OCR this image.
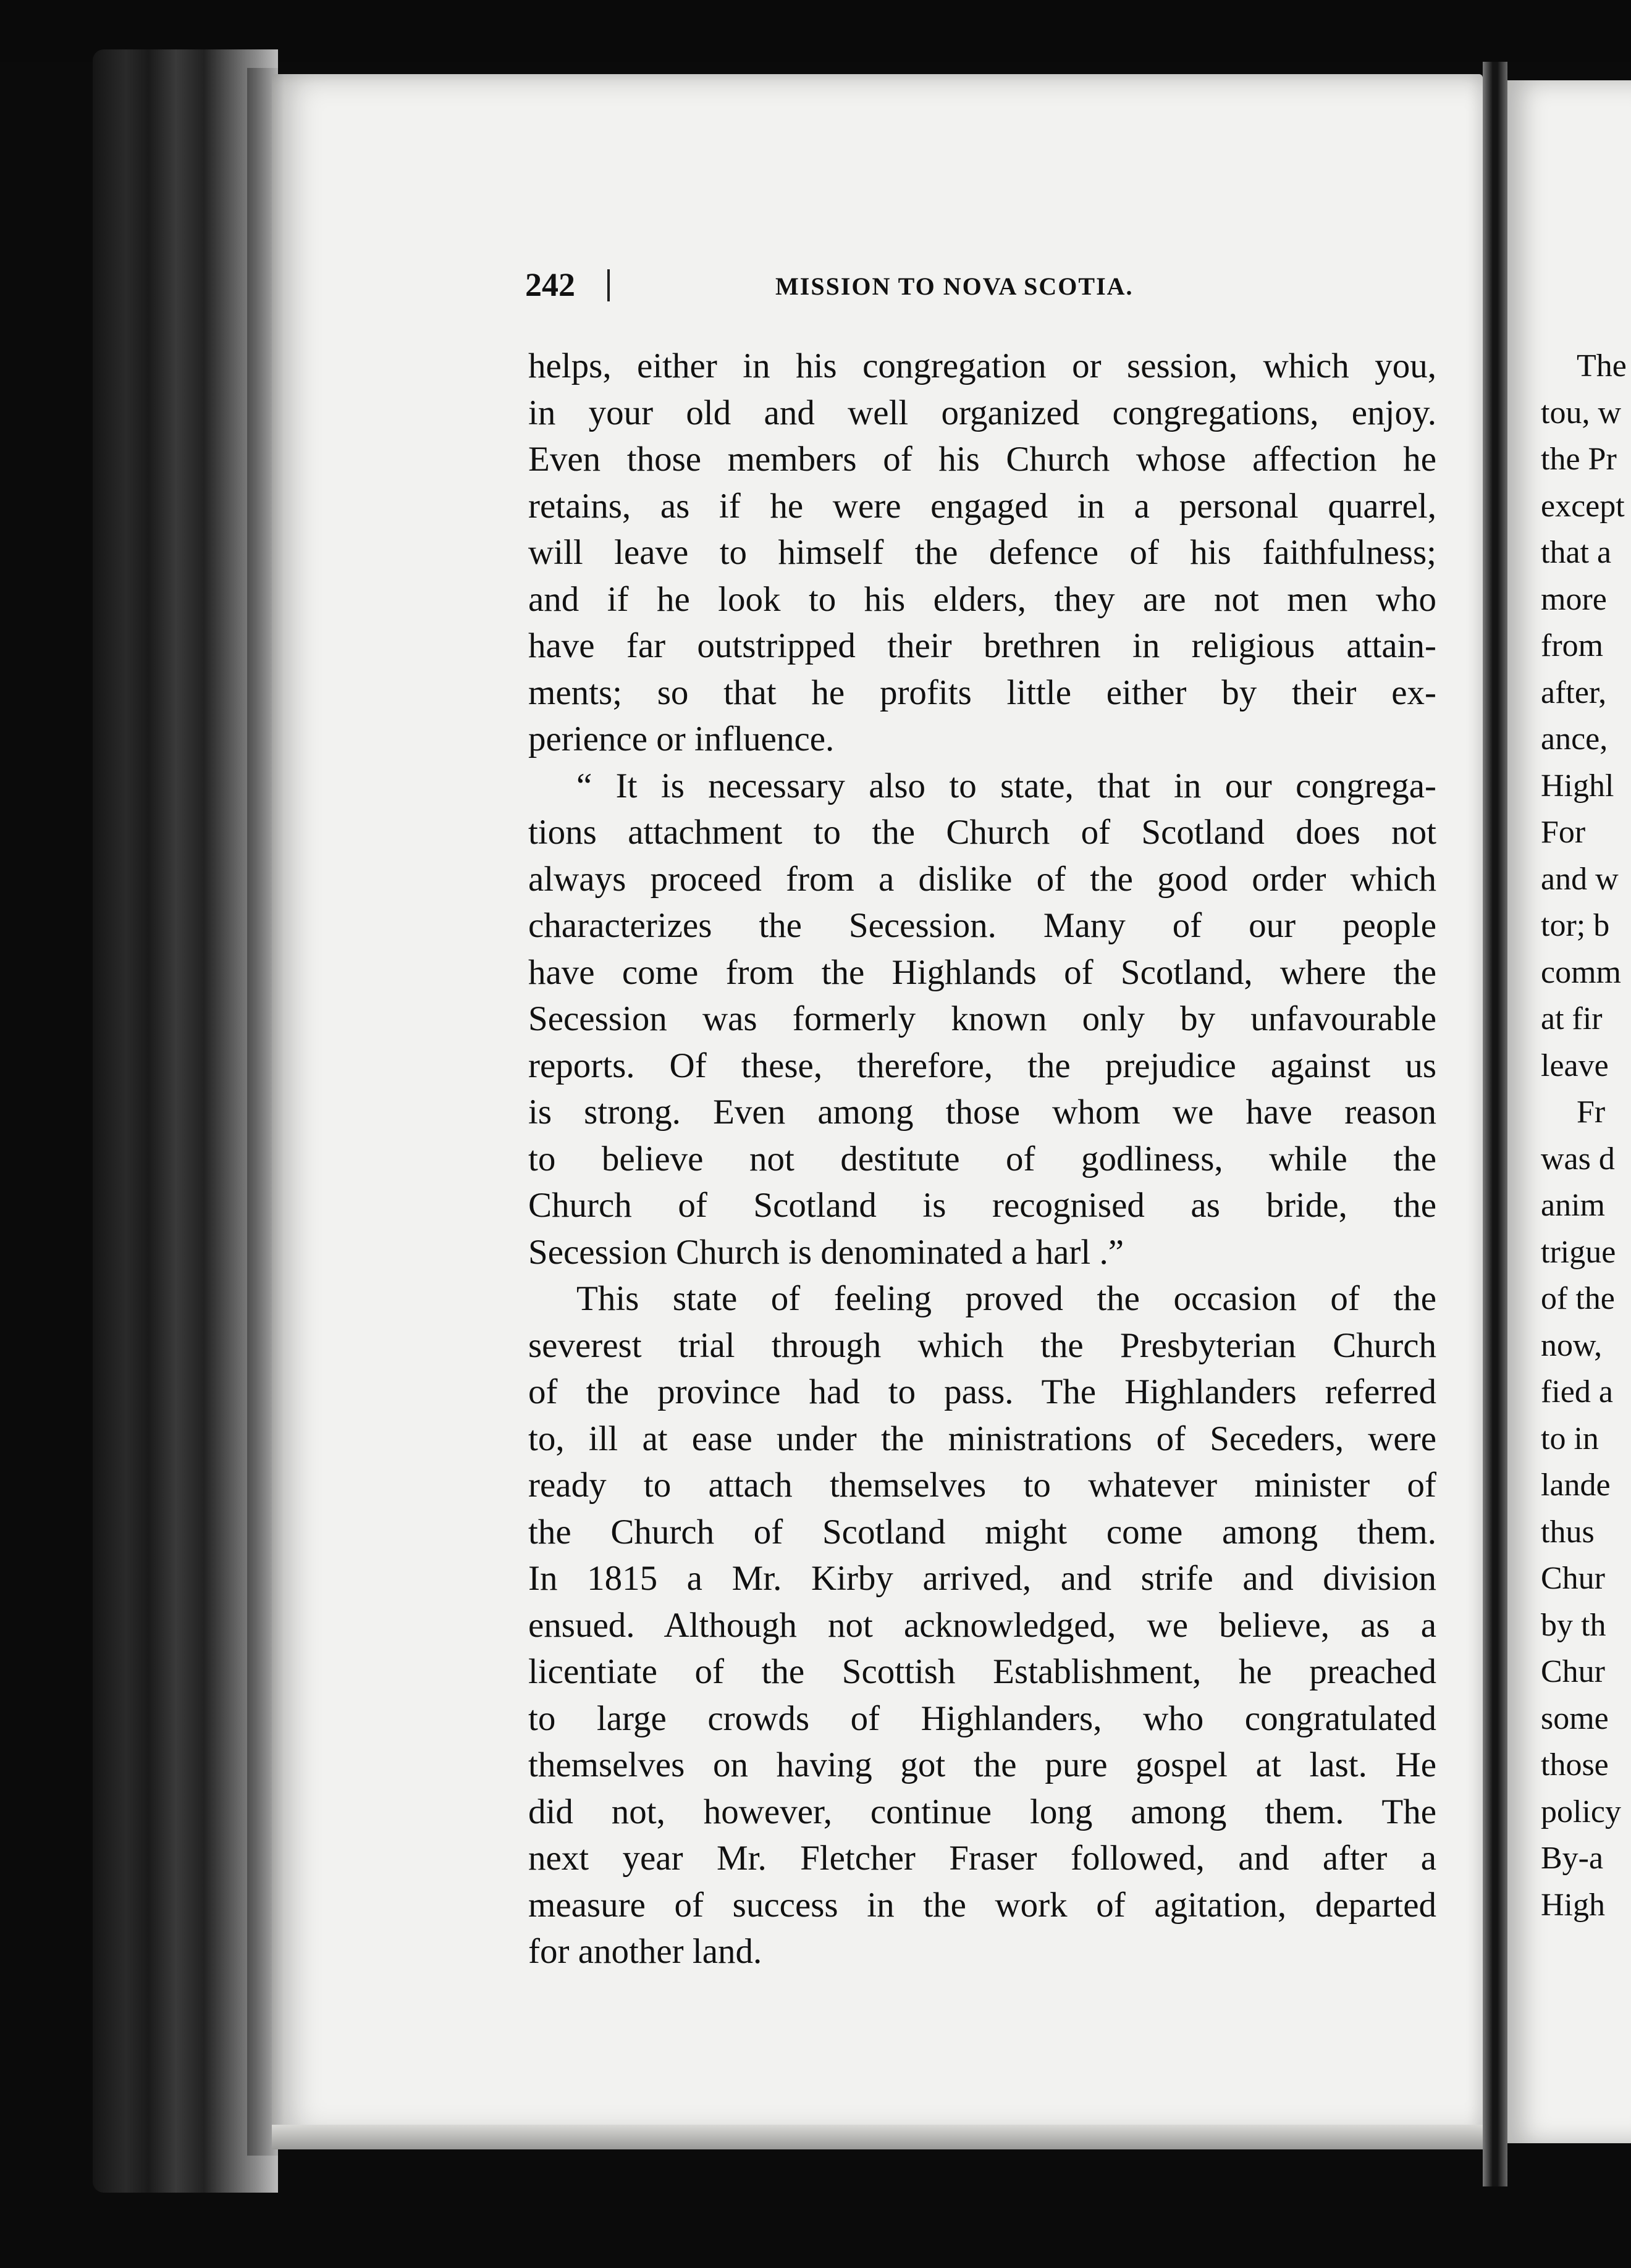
242	MISSION TO NOVA SCOTIA.
helps, either in his congregation or session, which you,
in your old and well organized congregations, enjoy.
Even those members of his Church whose affection he
retains, as if he were engaged in a personal quarrel,
will leave to himself the defence of his faithfulness;
and if he look to his elders, they are not men who
have far outstripped their brethren in religious attain-
ments; so that he profits little either by their ex-
perience or influence.
“ It is necessary also to state, that in our congrega-
tions attachment to the Church of Scotland does not
always proceed from a dislike of the good order which
characterizes the Secession. Many of our people
have come from the Highlands of Scotland, where the
Secession was formerly known only by unfavourable
reports. Of these, therefore, the prejudice against us
is strong. Even among those whom we have reason
to believe not destitute of godliness, while the
Church of Scotland is recognised as bride, the
Secession Church is denominated a harl .”
This state of feeling proved the occasion of the
severest trial through which the Presbyterian Church
of the province had to pass. The Highlanders referred
to, ill at ease under the ministrations of Seceders, were
ready to attach themselves to whatever minister of
the Church of Scotland might come among them.
In 1815 a Mr. Kirby arrived, and strife and division
ensued. Although not acknowledged, we believe, as a
licentiate of the Scottish Establishment, he preached
to large crowds of Highlanders, who congratulated
themselves on having got the pure gospel at last. He
did not, however, continue long among them. The
next year Mr. Fletcher Fraser followed, and after a
measure of success in the work of agitation, departed
for another land.
The
tou, w
the Pr
except
that a
more
from
after,
ance,
Highl
For
and w
tor; b
comm
at fir
leave
Fr
was d
anim
trigue
of the
now,
fied a
to in
lande
thus
Chur
by th
Chur
some
those
policy
By-a
High
